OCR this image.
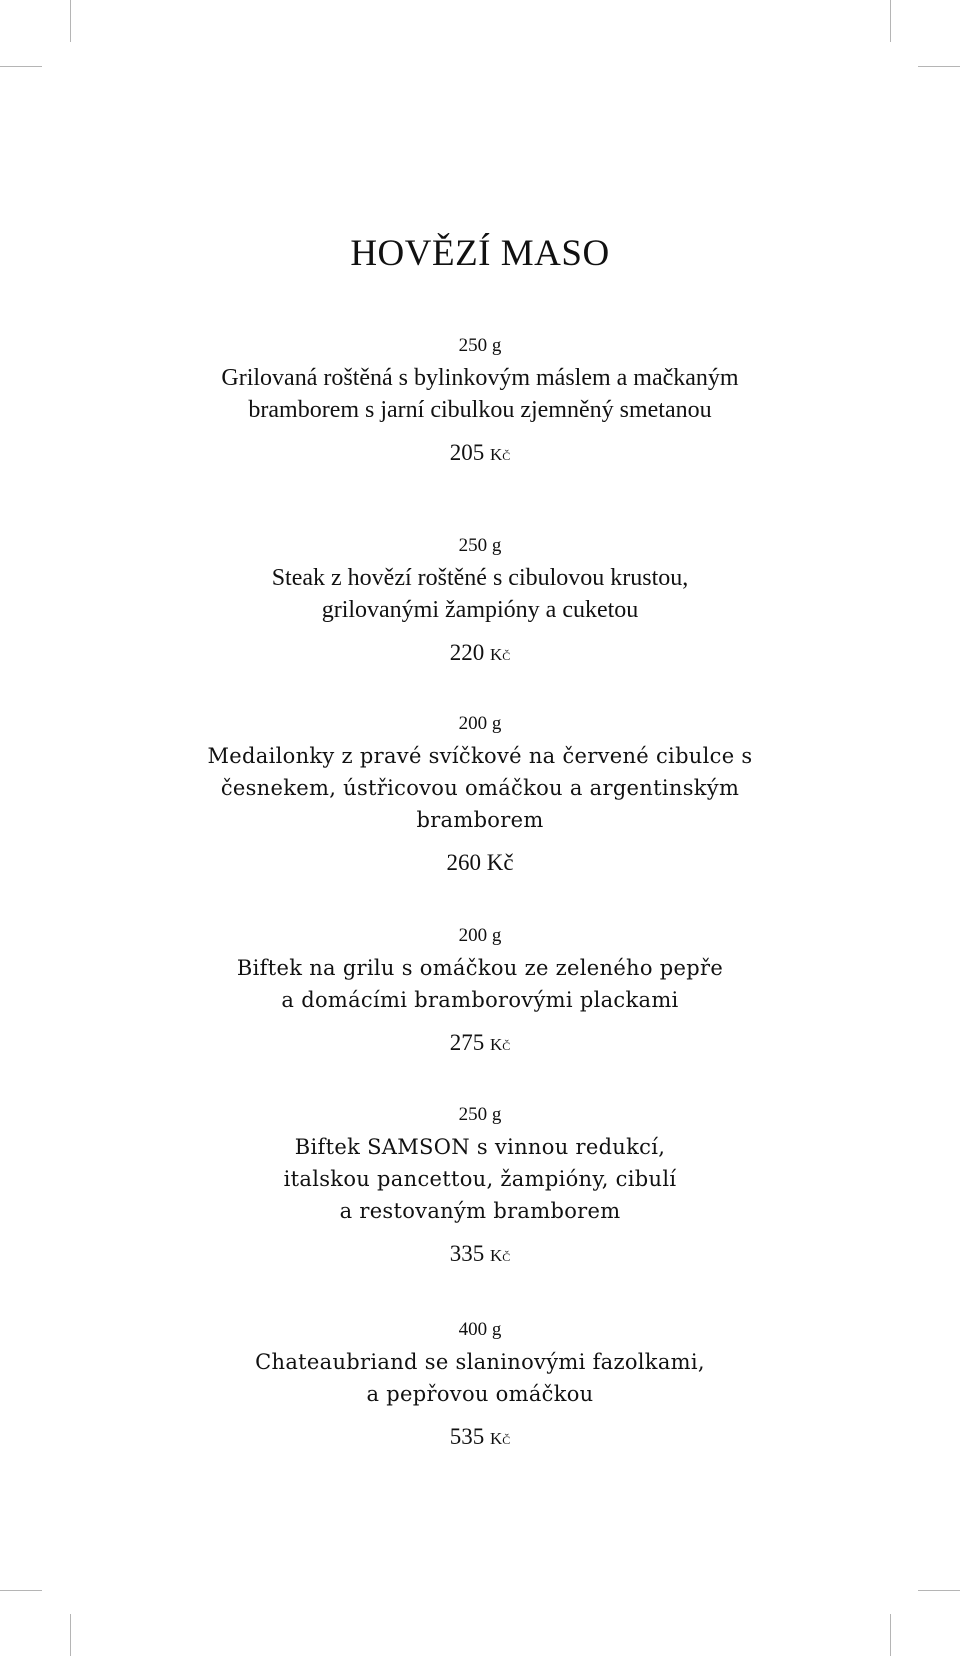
HOVĚZÍ MASO
250 g
Grilovaná roštěná s bylinkovým máslem a mačkaným
bramborem s jarní cibulkou zjemněný smetanou
205 Kč
250 g
Steak z hovězí roštěné s cibulovou krustou,
grilovanými žampióny a cuketou
220 Kč
200 g
Medailonky z pravé svíčkové na červené cibulce s
česnekem, ústřicovou omáčkou a argentinským
bramborem
260 Kč
200 g
Biftek na grilu s omáčkou ze zeleného pepře
a domácími bramborovými plackami
275 Kč
250 g
Biftek SAMSON s vinnou redukcí,
italskou pancettou, žampióny, cibulí
a restovaným bramborem
335 Kč
400 g
Chateaubriand se slaninovými fazolkami,
a pepřovou omáčkou
535 Kč
